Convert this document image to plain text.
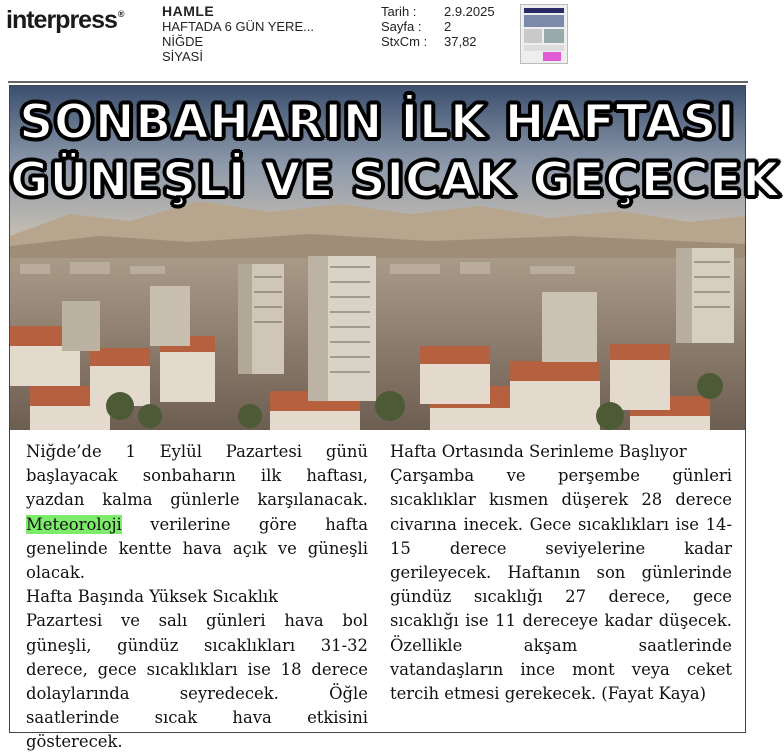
interpress®	HAMLE
HAFTADA 6 GÜN YERE...
NİĞDE
SİYASİ
Tarih :
Sayfa :
StxCm :
2.9.2025
2
37,82
SONBAHARIN İLK HAFTASI
GÜNEŞLİ VE SICAK GEÇECEK

Niğde’de 1 Eylül Pazartesi günü başlayacak sonbaharın ilk haftası, yazdan kalma günlerle karşılanacak. Meteoroloji verilerine göre hafta genelinde kentte hava açık ve güneşli olacak.

Hafta Başında Yüksek Sıcaklık

Pazartesi ve salı günleri hava bol güneşli, gündüz sıcaklıkları 31-32 derece, gece sıcaklıkları ise 18 derece dolaylarında seyredecek. Öğle saatlerinde sıcak hava etkisini gösterecek.

Hafta Ortasında Serinleme Başlıyor

Çarşamba ve perşembe günleri sıcaklıklar kısmen düşerek 28 derece civarına inecek. Gece sıcaklıkları ise 14-15 derece seviyelerine kadar gerileyecek. Haftanın son günlerinde gündüz sıcaklığı 27 derece, gece sıcaklığı ise 11 dereceye kadar düşecek. Özellikle akşam saatlerinde vatandaşların ince mont veya ceket tercih etmesi gerekecek. (Fayat Kaya)
